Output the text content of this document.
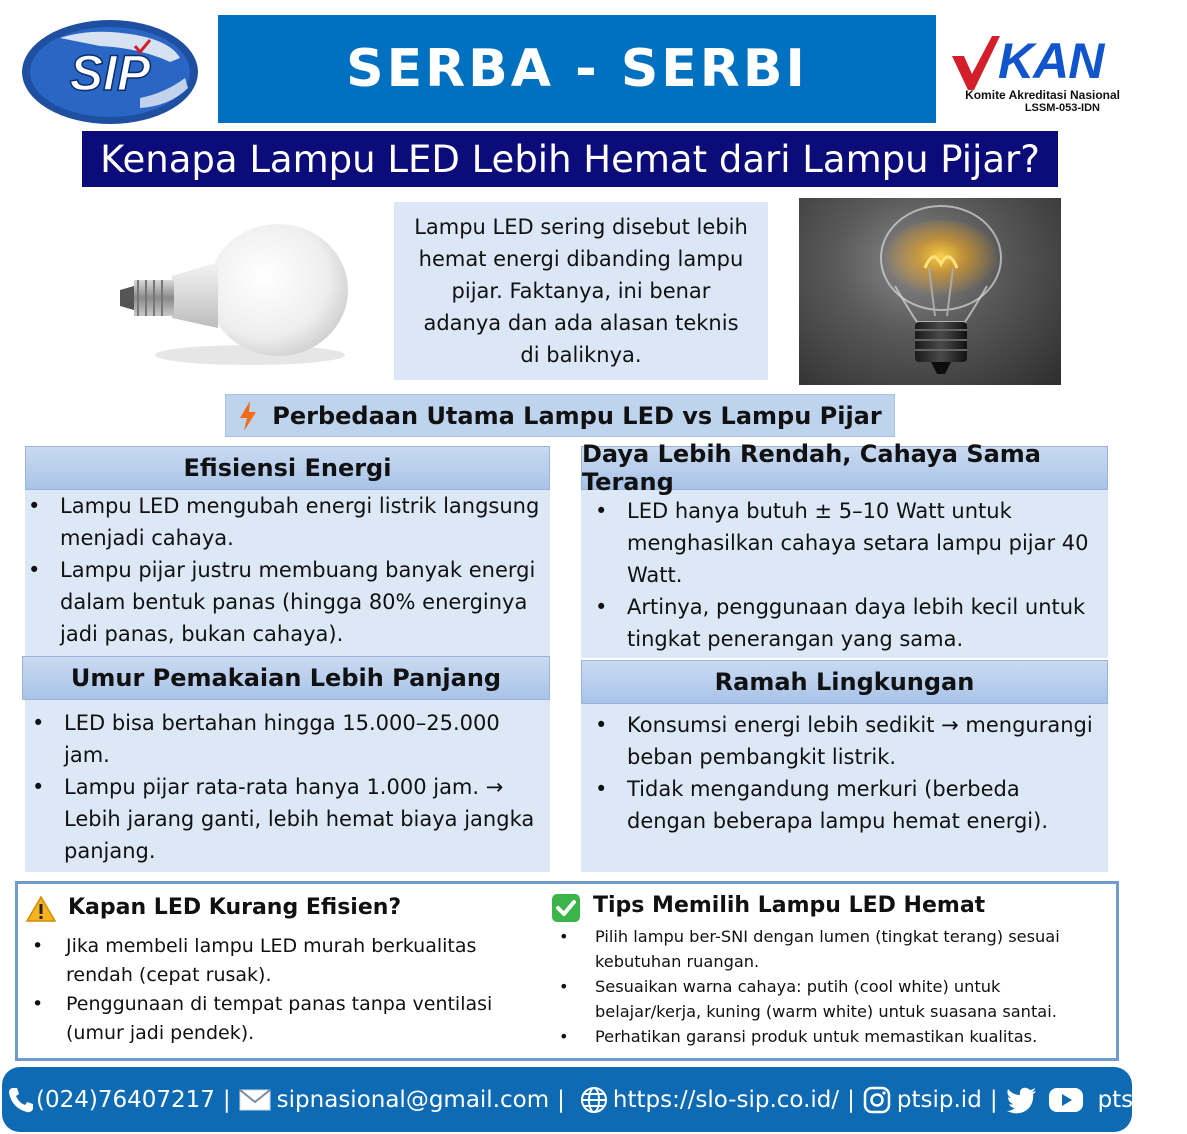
SIP	SERBA - SERBI	KAN
Komite Akreditasi Nasional
LSSM-053-IDN
Kenapa Lampu LED Lebih Hemat dari Lampu Pijar?

Lampu LED sering disebut lebih hemat energi dibanding lampu pijar. Faktanya, ini benar adanya dan ada alasan teknis di baliknya.

Perbedaan Utama Lampu LED vs Lampu Pijar
Efisiensi Energi
• Lampu LED mengubah energi listrik langsung menjadi cahaya.
• Lampu pijar justru membuang banyak energi dalam bentuk panas (hingga 80% energinya jadi panas, bukan cahaya).
Daya Lebih Rendah, Cahaya Sama Terang
• LED hanya butuh ± 5–10 Watt untuk menghasilkan cahaya setara lampu pijar 40 Watt.
• Artinya, penggunaan daya lebih kecil untuk tingkat penerangan yang sama.
Umur Pemakaian Lebih Panjang
• LED bisa bertahan hingga 15.000–25.000 jam.
• Lampu pijar rata-rata hanya 1.000 jam. → Lebih jarang ganti, lebih hemat biaya jangka panjang.
Ramah Lingkungan
• Konsumsi energi lebih sedikit → mengurangi beban pembangkit listrik.
• Tidak mengandung merkuri (berbeda dengan beberapa lampu hemat energi).
Kapan LED Kurang Efisien?
• Jika membeli lampu LED murah berkualitas rendah (cepat rusak).
• Penggunaan di tempat panas tanpa ventilasi (umur jadi pendek).
Tips Memilih Lampu LED Hemat
• Pilih lampu ber-SNI dengan lumen (tingkat terang) sesuai kebutuhan ruangan.
• Sesuaikan warna cahaya: putih (cool white) untuk belajar/kerja, kuning (warm white) untuk suasana santai.
• Perhatikan garansi produk untuk memastikan kualitas.
(024)76407217 | sipnasional@gmail.com | https://slo-sip.co.id/ | ptsip.id |	ptsip_id
